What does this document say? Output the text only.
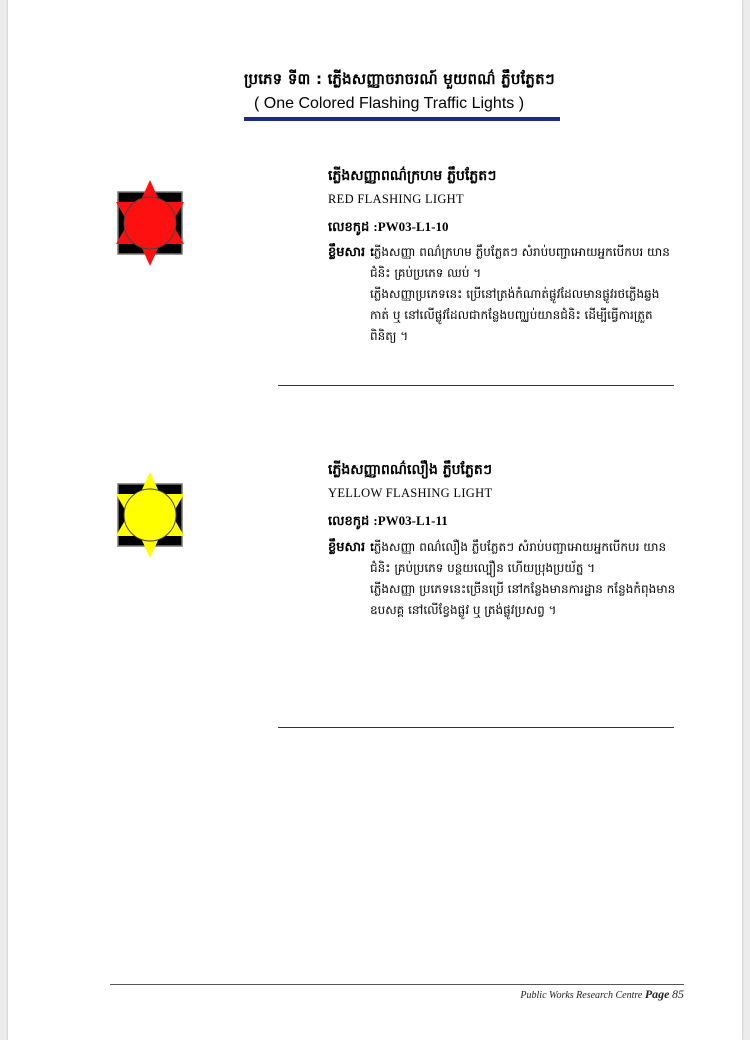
ប្រភេទ ទី៣ : ភ្លើងសញ្ញាចរាចរណ៍ មួយពណ៌ ភ្លឹបភ្លែតៗ
( One Colored Flashing Traffic Lights )
ភ្លើងសញ្ញាពណ៌ក្រហម ភ្លឹបភ្លែតៗ
RED FLASHING LIGHT
លេខកូដ :PW03-L1-10
ខ្លឹមសារ :

ភ្លើងសញ្ញា ពណ៌ក្រហម ភ្លឹបភ្លែតៗ សំរាប់បញ្ជាអោយអ្នកបើកបរ យានជំនិះ គ្រប់ប្រភេទ ឈប់ ។

ភ្លើងសញ្ញាប្រភេទនេះ ប្រើនៅត្រង់កំណាត់ផ្លូវដែលមានផ្លូវរថភ្លើងឆ្លងកាត់ ឬ នៅលើផ្លូវដែលជាកន្លែងបញ្ឈប់យានជំនិះ ដើម្បីធ្វើការត្រួតពិនិត្យ ។

ភ្លើងសញ្ញាពណ៌លឿង ភ្លឹបភ្លែតៗ
YELLOW FLASHING LIGHT
លេខកូដ :PW03-L1-11
ខ្លឹមសារ :

ភ្លើងសញ្ញា ពណ៌លឿង ភ្លឹបភ្លែតៗ សំរាប់បញ្ជាអោយអ្នកបើកបរ យានជំនិះ គ្រប់ប្រភេទ បន្ថយល្បឿន ហើយប្រុងប្រយ័ត្ន ។

ភ្លើងសញ្ញា ប្រភេទនេះច្រើនប្រើ នៅកន្លែងមានការដ្ឋាន កន្លែងកំពុងមានឧបសគ្គ នៅលើខ្វែងផ្លូវ ឬ ត្រង់ផ្លូវប្រសព្វ ។

Public Works Research Centre Page 85
